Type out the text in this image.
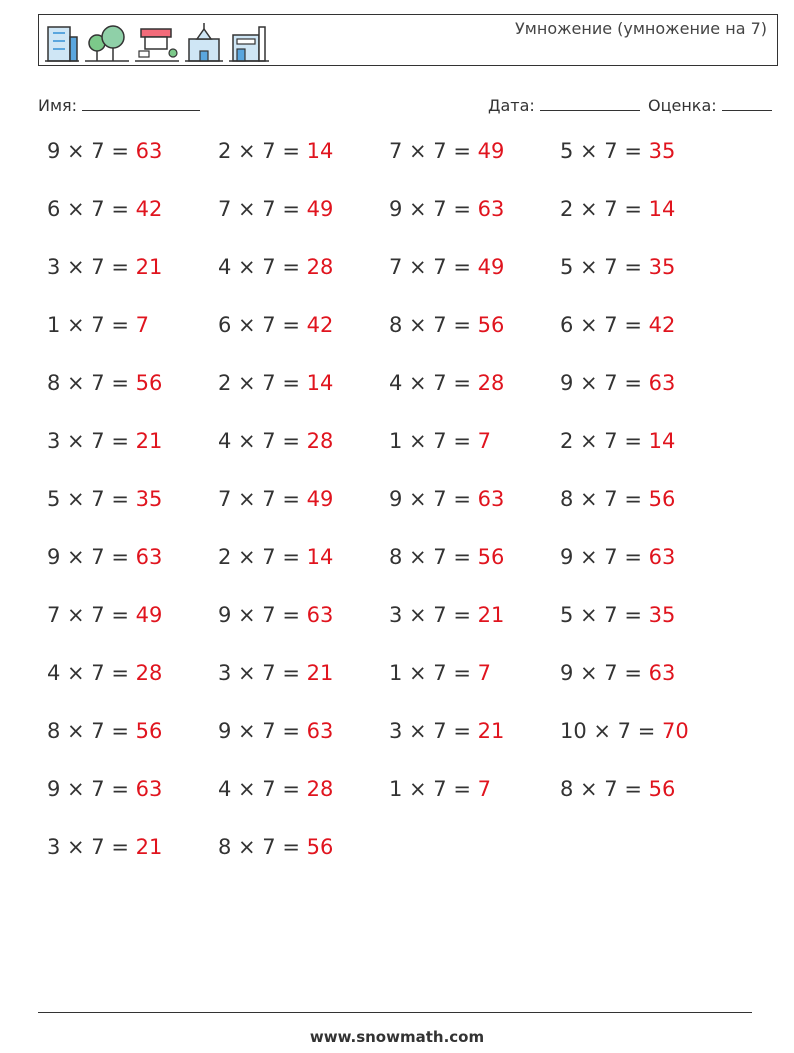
Умножение (умножение на 7)
Имя:	Дата:	Оценка:
9 × 7 = 63	2 × 7 = 14	7 × 7 = 49	5 × 7 = 35
6 × 7 = 42	7 × 7 = 49	9 × 7 = 63	2 × 7 = 14
3 × 7 = 21	4 × 7 = 28	7 × 7 = 49	5 × 7 = 35
1 × 7 = 7	6 × 7 = 42	8 × 7 = 56	6 × 7 = 42
8 × 7 = 56	2 × 7 = 14	4 × 7 = 28	9 × 7 = 63
3 × 7 = 21	4 × 7 = 28	1 × 7 = 7	2 × 7 = 14
5 × 7 = 35	7 × 7 = 49	9 × 7 = 63	8 × 7 = 56
9 × 7 = 63	2 × 7 = 14	8 × 7 = 56	9 × 7 = 63
7 × 7 = 49	9 × 7 = 63	3 × 7 = 21	5 × 7 = 35
4 × 7 = 28	3 × 7 = 21	1 × 7 = 7	9 × 7 = 63
8 × 7 = 56	9 × 7 = 63	3 × 7 = 21	10 × 7 = 70
9 × 7 = 63	4 × 7 = 28	1 × 7 = 7	8 × 7 = 56
3 × 7 = 21	8 × 7 = 56
www.snowmath.com
